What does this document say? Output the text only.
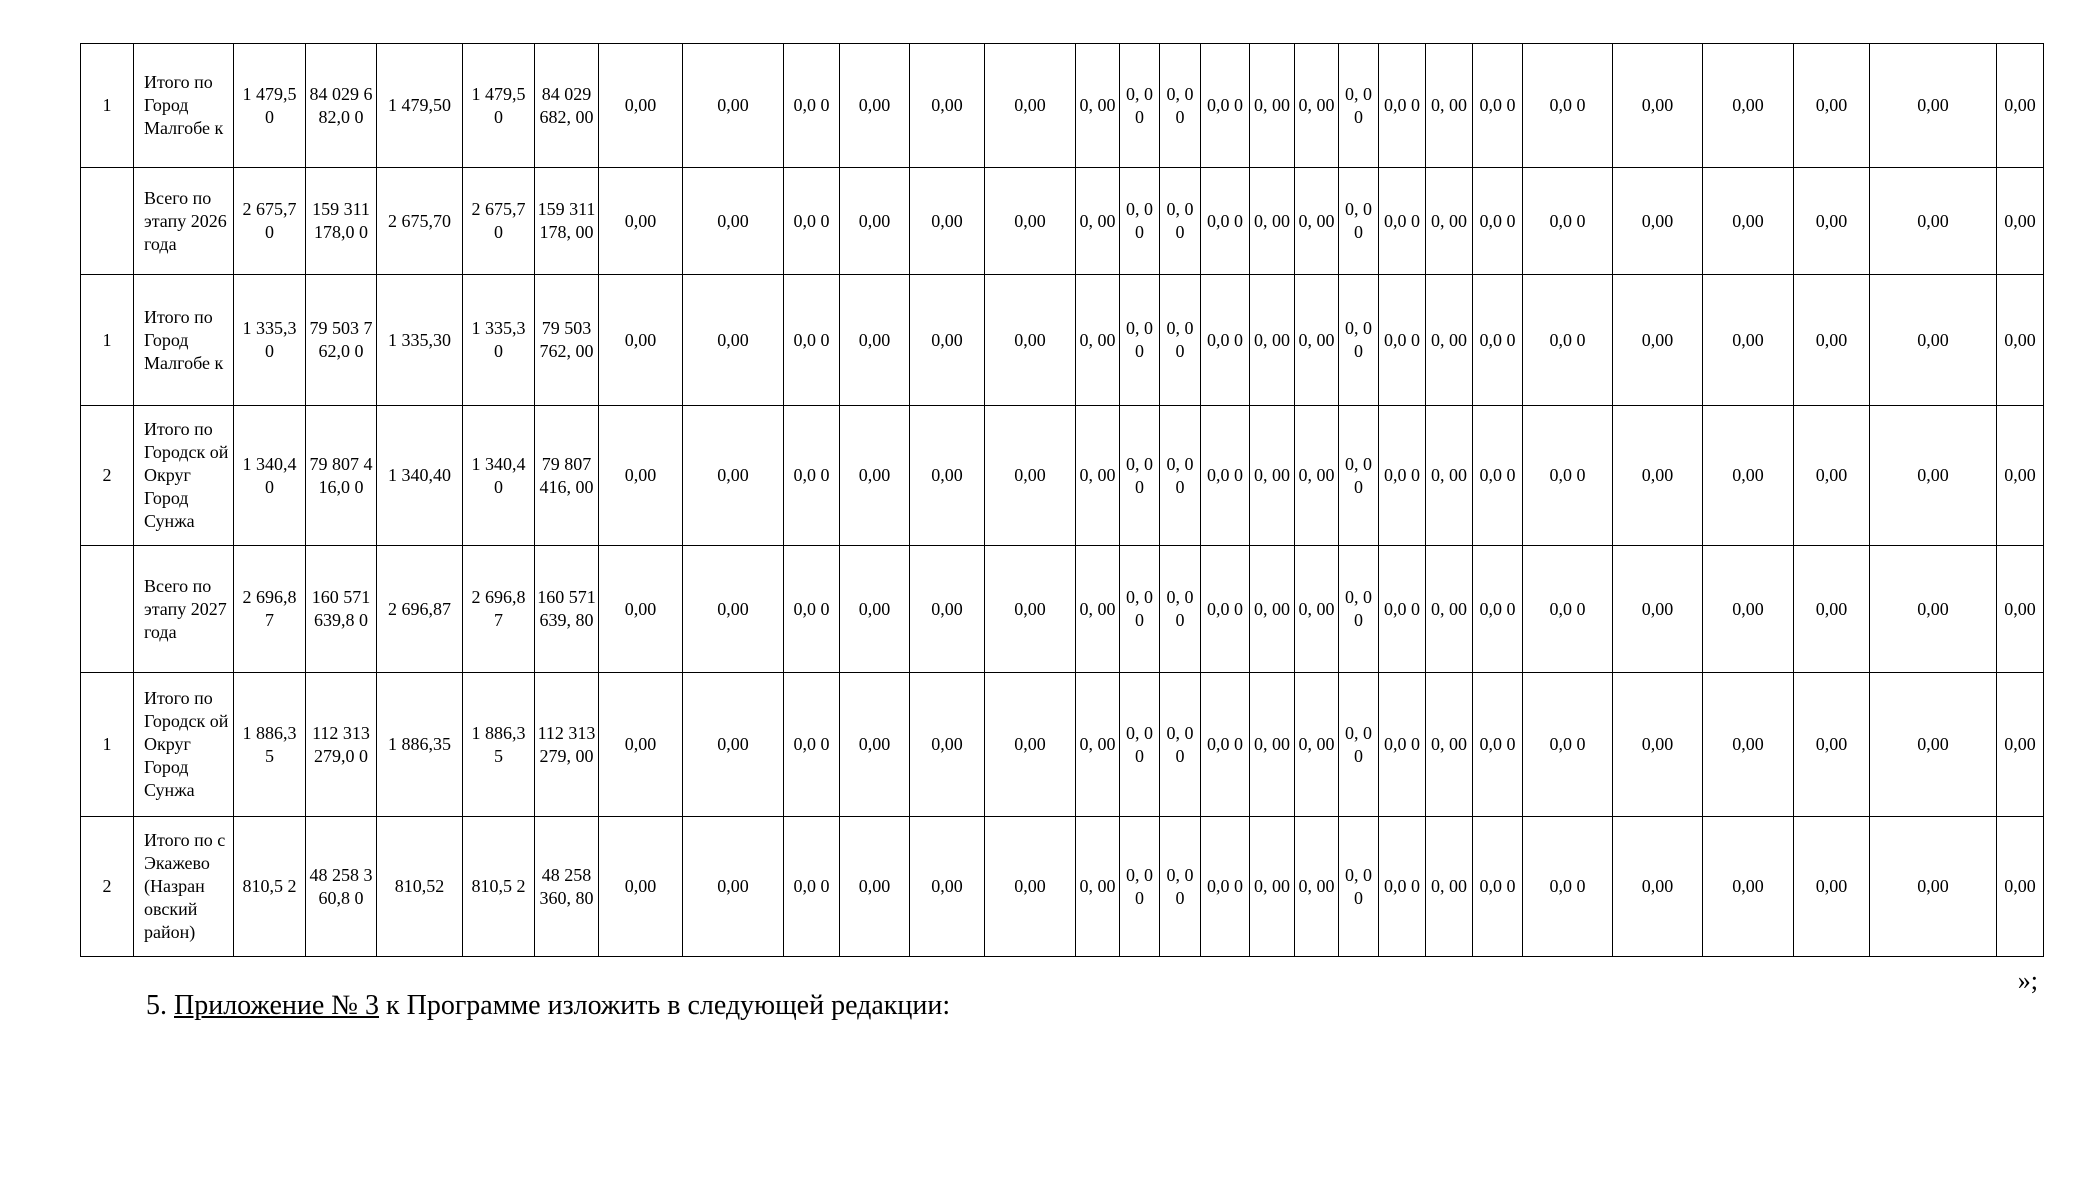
1	Итого по Город Малгобе к	1 479,5 0	84 029 682,0 0	1 479,50	1 479,5 0	84 029 682, 00	0,00	0,00	0,0 0	0,00	0,00	0,00	0, 00	0, 0 0	0, 0 0	0,0 0	0, 00	0, 00	0, 0 0	0,0 0	0, 00	0,0 0	0,0 0	0,00	0,00	0,00	0,00	0,00
	Всего по этапу 2026 года	2 675,7 0	159 311 178,0 0	2 675,70	2 675,7 0	159 311 178, 00	0,00	0,00	0,0 0	0,00	0,00	0,00	0, 00	0, 0 0	0, 0 0	0,0 0	0, 00	0, 00	0, 0 0	0,0 0	0, 00	0,0 0	0,0 0	0,00	0,00	0,00	0,00	0,00
1	Итого по Город Малгобе к	1 335,3 0	79 503 762,0 0	1 335,30	1 335,3 0	79 503 762, 00	0,00	0,00	0,0 0	0,00	0,00	0,00	0, 00	0, 0 0	0, 0 0	0,0 0	0, 00	0, 00	0, 0 0	0,0 0	0, 00	0,0 0	0,0 0	0,00	0,00	0,00	0,00	0,00
2	Итого по Городск ой Округ Город Сунжа	1 340,4 0	79 807 416,0 0	1 340,40	1 340,4 0	79 807 416, 00	0,00	0,00	0,0 0	0,00	0,00	0,00	0, 00	0, 0 0	0, 0 0	0,0 0	0, 00	0, 00	0, 0 0	0,0 0	0, 00	0,0 0	0,0 0	0,00	0,00	0,00	0,00	0,00
	Всего по этапу 2027 года	2 696,8 7	160 571 639,8 0	2 696,87	2 696,8 7	160 571 639, 80	0,00	0,00	0,0 0	0,00	0,00	0,00	0, 00	0, 0 0	0, 0 0	0,0 0	0, 00	0, 00	0, 0 0	0,0 0	0, 00	0,0 0	0,0 0	0,00	0,00	0,00	0,00	0,00
1	Итого по Городск ой Округ Город Сунжа	1 886,3 5	112 313 279,0 0	1 886,35	1 886,3 5	112 313 279, 00	0,00	0,00	0,0 0	0,00	0,00	0,00	0, 00	0, 0 0	0, 0 0	0,0 0	0, 00	0, 00	0, 0 0	0,0 0	0, 00	0,0 0	0,0 0	0,00	0,00	0,00	0,00	0,00
2	Итого по с Экажево (Назран овский район)	810,5 2	48 258 360,8 0	810,52	810,5 2	48 258 360, 80	0,00	0,00	0,0 0	0,00	0,00	0,00	0, 00	0, 0 0	0, 0 0	0,0 0	0, 00	0, 00	0, 0 0	0,0 0	0, 00	0,0 0	0,0 0	0,00	0,00	0,00	0,00	0,00
»;
5. Приложение № 3 к Программе изложить в следующей редакции:
